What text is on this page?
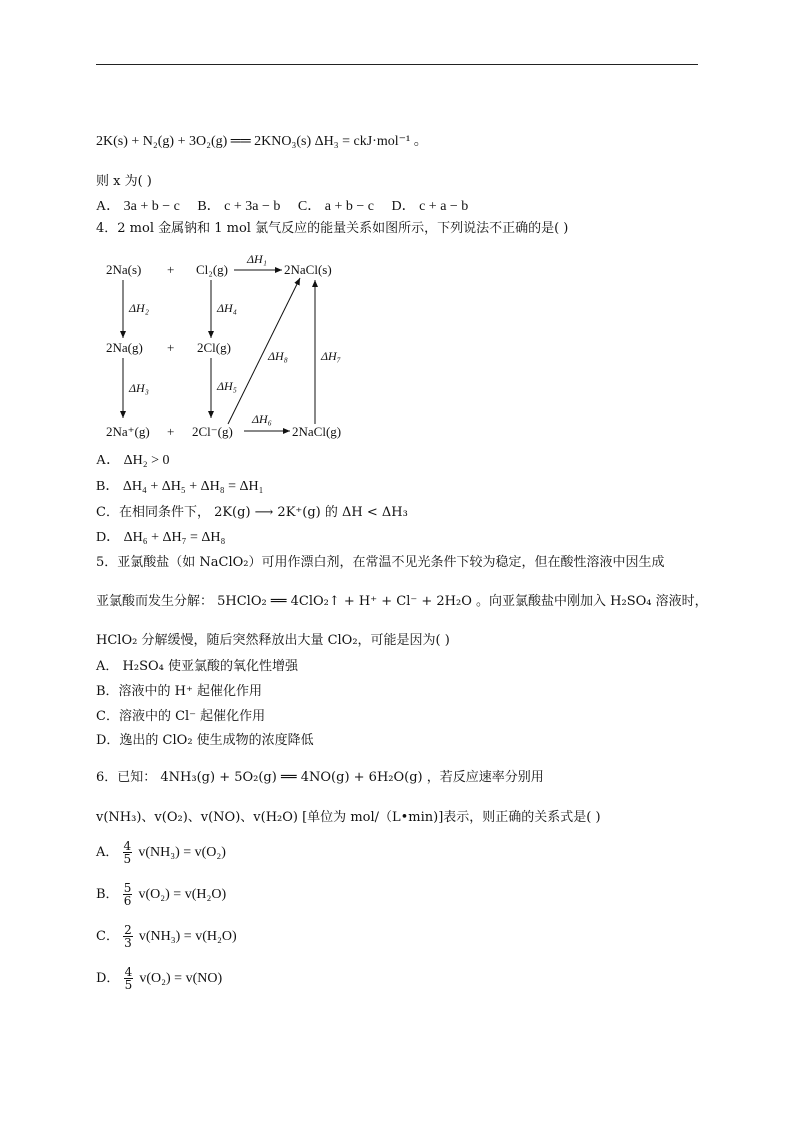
2K(s) + N₂(g) + 3O₂(g) ══ 2KNO₃(s) ΔH₃ = ckJ·mol⁻¹ 。
则 x 为( )
A． 3a + b − c B． c + 3a − b C． a + b − c D． c + a − b
4．2 mol 金属钠和 1 mol 氯气反应的能量关系如图所示，下列说法不正确的是( )
2Na(s) + Cl₂(g)
ΔH₁
2NaCl(s)
ΔH₂	ΔH₄
2Na(g) + 2Cl(g)
ΔH₃	ΔH₅
ΔH₈	ΔH₇
2Na⁺(g) + 2Cl⁻(g)
ΔH₆
2NaCl(g)
A． ΔH₂ > 0
B． ΔH₄ + ΔH₅ + ΔH₈ = ΔH₁
C．在相同条件下， 2K(g) ⟶ 2K⁺(g) 的 ΔH < ΔH₃
D． ΔH₆ + ΔH₇ = ΔH₈
5．亚氯酸盐（如 NaClO₂）可用作漂白剂，在常温不见光条件下较为稳定，但在酸性溶液中因生成
亚氯酸而发生分解： 5HClO₂ ══ 4ClO₂↑ + H⁺ + Cl⁻ + 2H₂O 。向亚氯酸盐中刚加入 H₂SO₄ 溶液时，
HClO₂ 分解缓慢，随后突然释放出大量 ClO₂，可能是因为( )
A． H₂SO₄ 使亚氯酸的氧化性增强
B．溶液中的 H⁺ 起催化作用
C．溶液中的 Cl⁻ 起催化作用
D．逸出的 ClO₂ 使生成物的浓度降低
6．已知： 4NH₃(g) + 5O₂(g) ══ 4NO(g) + 6H₂O(g) ，若反应速率分别用
v(NH₃)、v(O₂)、v(NO)、v(H₂O) [单位为 mol/（L•min)]表示，则正确的关系式是( )
A． $\frac{4}{5} v(NH_3) = v(O_2)$
B． $\frac{5}{6} v(O_2) = v(H_2O)$
C． $\frac{2}{3} v(NH_3) = v(H_2O)$
D． $\frac{4}{5} v(O_2) = v(NO)$
